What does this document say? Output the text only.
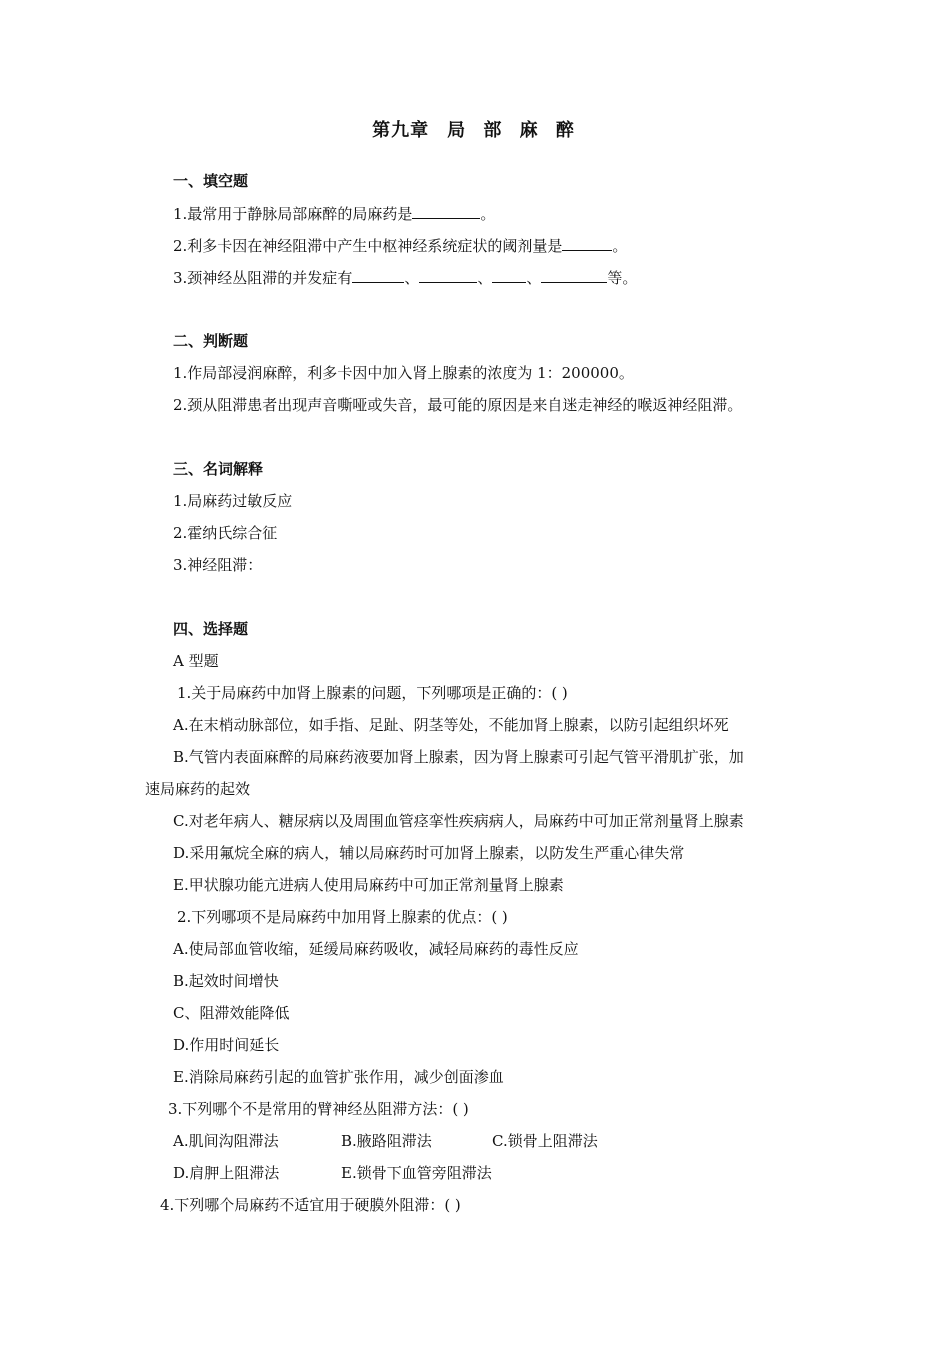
第九章 局 部 麻 醉
一、填空题
1.最常用于静脉局部麻醉的局麻药是	。
2.利多卡因在神经阻滞中产生中枢神经系统症状的阈剂量是	。
3.颈神经丛阻滞的并发症有	、	、 、	等。
二、判断题
1.作局部浸润麻醉，利多卡因中加入肾上腺素的浓度为 1：200000。
2.颈从阻滞患者出现声音嘶哑或失音，最可能的原因是来自迷走神经的喉返神经阻滞。
三、名词解释
1.局麻药过敏反应
2.霍纳氏综合征
3.神经阻滞：
四、选择题
A 型题
1.关于局麻药中加肾上腺素的问题，下列哪项是正确的：( )
A.在末梢动脉部位，如手指、足趾、阴茎等处，不能加肾上腺素，以防引起组织坏死
B.气管内表面麻醉的局麻药液要加肾上腺素，因为肾上腺素可引起气管平滑肌扩张，加
速局麻药的起效
C.对老年病人、糖尿病以及周围血管痉挛性疾病病人，局麻药中可加正常剂量肾上腺素
D.采用氟烷全麻的病人，辅以局麻药时可加肾上腺素，以防发生严重心律失常
E.甲状腺功能亢进病人使用局麻药中可加正常剂量肾上腺素
2.下列哪项不是局麻药中加用肾上腺素的优点：( )
A.使局部血管收缩，延缓局麻药吸收，减轻局麻药的毒性反应
B.起效时间增快
C、阻滞效能降低
D.作用时间延长
E.消除局麻药引起的血管扩张作用，减少创面渗血
3.下列哪个不是常用的臂神经丛阻滞方法：( )
A.肌间沟阻滞法	B.腋路阻滞法	C.锁骨上阻滞法
D.肩胛上阻滞法	E.锁骨下血管旁阻滞法
4.下列哪个局麻药不适宜用于硬膜外阻滞：( )
